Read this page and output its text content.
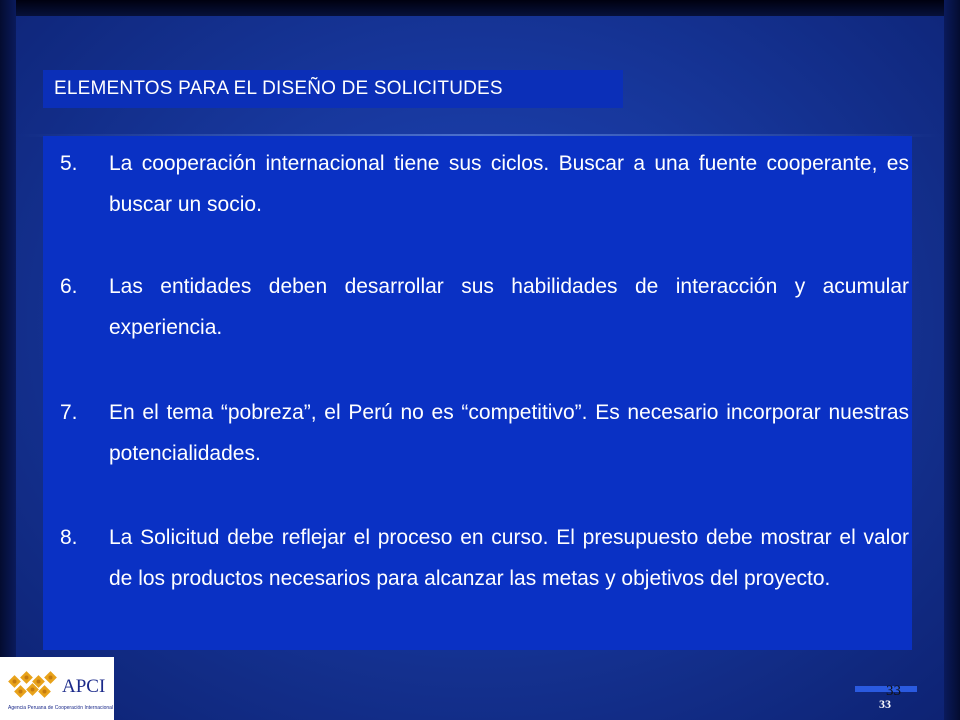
ELEMENTOS PARA EL DISEÑO DE SOLICITUDES
5.	La cooperación internacional tiene sus ciclos. Buscar a una fuente cooperante, es buscar un socio.
6.	Las entidades deben desarrollar sus habilidades de interacción y acumular experiencia.
7.	En el tema “pobreza”, el Perú no es “competitivo”. Es necesario incorporar nuestras potencialidades.
8.	La Solicitud debe reflejar el proceso en curso. El presupuesto debe mostrar el valor de los productos necesarios para alcanzar las metas y objetivos del proyecto.
APCI
Agencia Peruana de Cooperación Internacional
33
33
